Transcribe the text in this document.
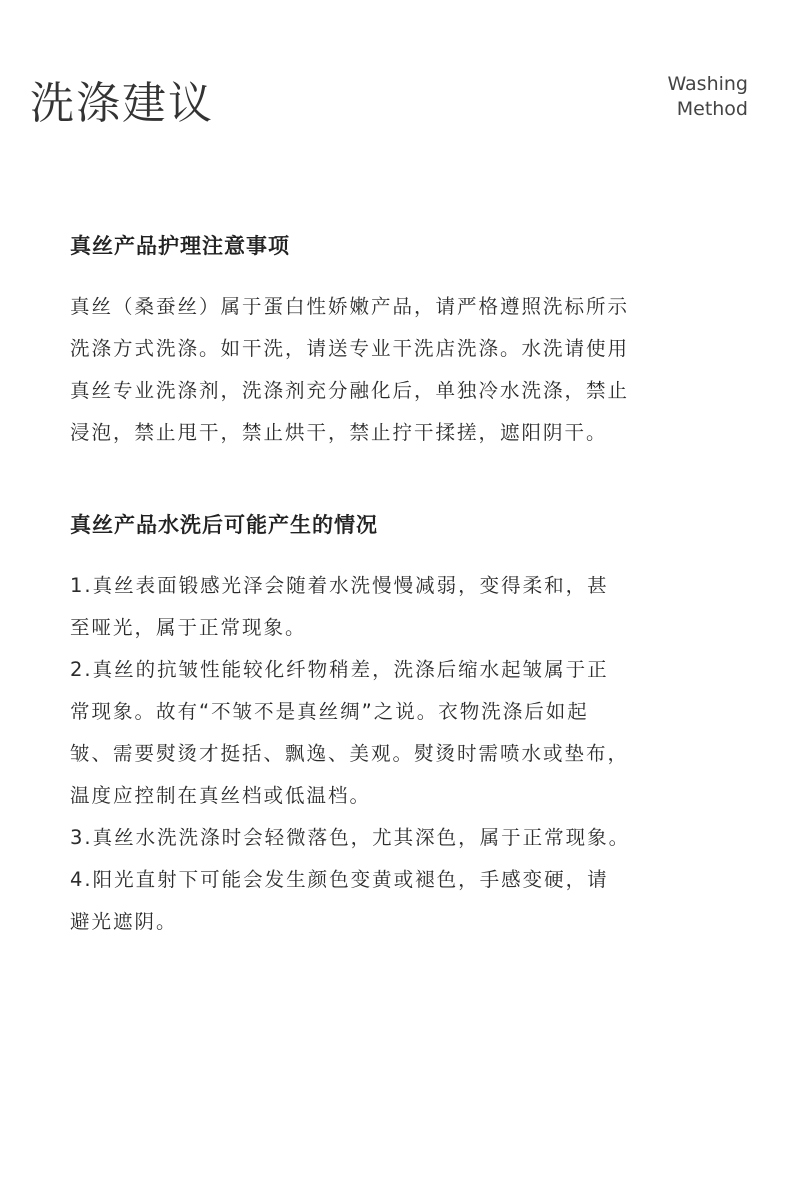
洗涤建议	Washing
Method
真丝产品护理注意事项

真丝（桑蚕丝）属于蛋白性娇嫩产品，请严格遵照洗标所示
洗涤方式洗涤。如干洗，请送专业干洗店洗涤。水洗请使用
真丝专业洗涤剂，洗涤剂充分融化后，单独冷水洗涤，禁止
浸泡，禁止甩干，禁止烘干，禁止拧干揉搓，遮阳阴干。

真丝产品水洗后可能产生的情况

1.真丝表面锻感光泽会随着水洗慢慢减弱，变得柔和，甚
至哑光，属于正常现象。
2.真丝的抗皱性能较化纤物稍差，洗涤后缩水起皱属于正
常现象。故有“不皱不是真丝绸”之说。衣物洗涤后如起
皱、需要熨烫才挺括、飘逸、美观。熨烫时需喷水或垫布，
温度应控制在真丝档或低温档。
3.真丝水洗洗涤时会轻微落色，尤其深色，属于正常现象。
4.阳光直射下可能会发生颜色变黄或褪色，手感变硬，请
避光遮阴。
